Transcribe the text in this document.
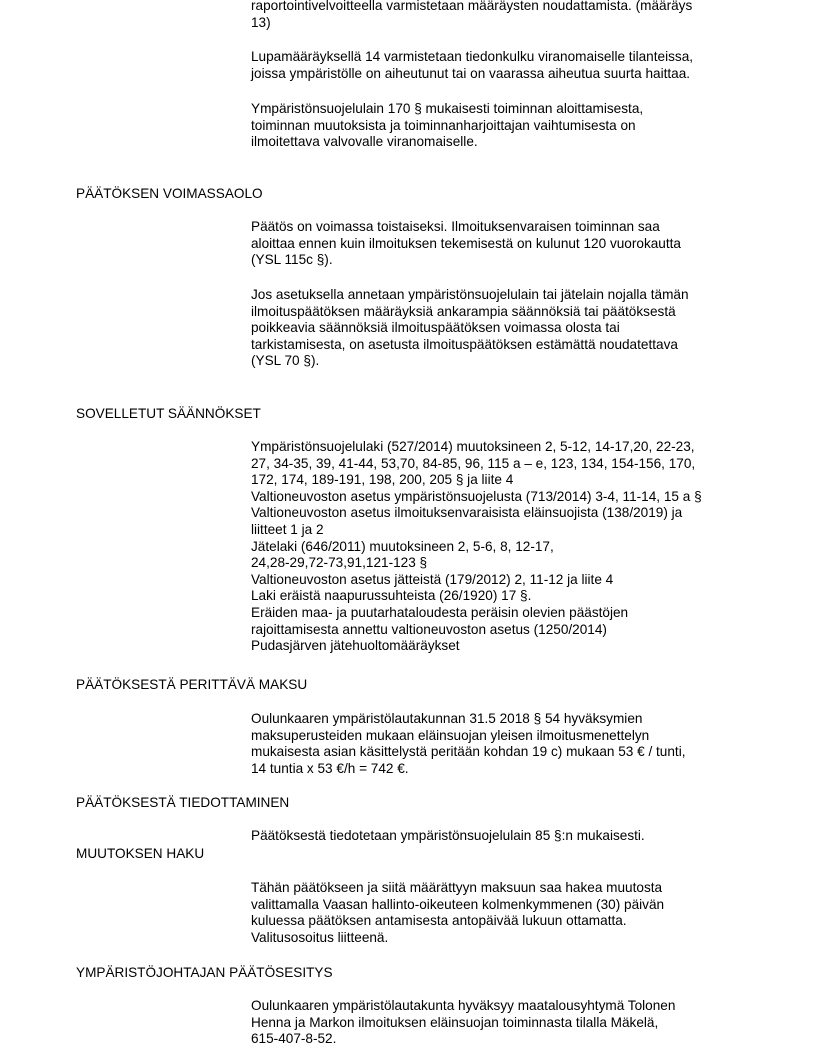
raportointivelvoitteella varmistetaan määräysten noudattamista. (määräys
13)
Lupamääräyksellä 14 varmistetaan tiedonkulku viranomaiselle tilanteissa,
joissa ympäristölle on aiheutunut tai on vaarassa aiheutua suurta haittaa.
Ympäristönsuojelulain 170 § mukaisesti toiminnan aloittamisesta,
toiminnan muutoksista ja toiminnanharjoittajan vaihtumisesta on
ilmoitettava valvovalle viranomaiselle.
PÄÄTÖKSEN VOIMASSAOLO
Päätös on voimassa toistaiseksi. Ilmoituksenvaraisen toiminnan saa
aloittaa ennen kuin ilmoituksen tekemisestä on kulunut 120 vuorokautta
(YSL 115c §).
Jos asetuksella annetaan ympäristönsuojelulain tai jätelain nojalla tämän
ilmoituspäätöksen määräyksiä ankarampia säännöksiä tai päätöksestä
poikkeavia säännöksiä ilmoituspäätöksen voimassa olosta tai
tarkistamisesta, on asetusta ilmoituspäätöksen estämättä noudatettava
(YSL 70 §).
SOVELLETUT SÄÄNNÖKSET
Ympäristönsuojelulaki (527/2014) muutoksineen 2, 5-12, 14-17,20, 22-23,
27, 34-35, 39, 41-44, 53,70, 84-85, 96, 115 a – e, 123, 134, 154-156, 170,
172, 174, 189-191, 198, 200, 205 § ja liite 4
Valtioneuvoston asetus ympäristönsuojelusta (713/2014) 3-4, 11-14, 15 a §
Valtioneuvoston asetus ilmoituksenvaraisista eläinsuojista (138/2019) ja
liitteet 1 ja 2
Jätelaki (646/2011) muutoksineen 2, 5-6, 8, 12-17,
24,28-29,72-73,91,121-123 §
Valtioneuvoston asetus jätteistä (179/2012) 2, 11-12 ja liite 4
Laki eräistä naapurussuhteista (26/1920) 17 §.
Eräiden maa- ja puutarhataloudesta peräisin olevien päästöjen
rajoittamisesta annettu valtioneuvoston asetus (1250/2014)
Pudasjärven jätehuoltomääräykset
PÄÄTÖKSESTÄ PERITTÄVÄ MAKSU
Oulunkaaren ympäristölautakunnan 31.5 2018 § 54 hyväksymien
maksuperusteiden mukaan eläinsuojan yleisen ilmoitusmenettelyn
mukaisesta asian käsittelystä peritään kohdan 19 c) mukaan 53 € / tunti,
14 tuntia x 53 €/h = 742 €.
PÄÄTÖKSESTÄ TIEDOTTAMINEN
Päätöksestä tiedotetaan ympäristönsuojelulain 85 §:n mukaisesti.
MUUTOKSEN HAKU
Tähän päätökseen ja siitä määrättyyn maksuun saa hakea muutosta
valittamalla Vaasan hallinto-oikeuteen kolmenkymmenen (30) päivän
kuluessa päätöksen antamisesta antopäivää lukuun ottamatta.
Valitusosoitus liitteenä.
YMPÄRISTÖJOHTAJAN PÄÄTÖSESITYS
Oulunkaaren ympäristölautakunta hyväksyy maatalousyhtymä Tolonen
Henna ja Markon ilmoituksen eläinsuojan toiminnasta tilalla Mäkelä,
615-407-8-52.
